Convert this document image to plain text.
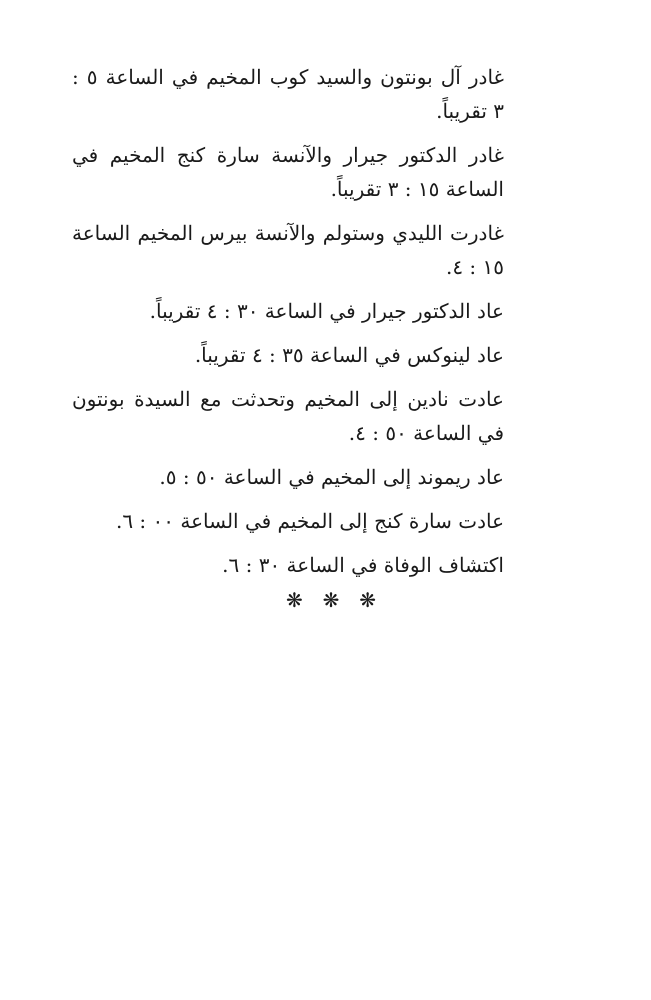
غادر آل بونتون والسيد كوب المخيم في الساعة ٥ : ٣ تقريباً.

غادر الدكتور جيرار والآنسة سارة كنج المخيم في الساعة ١٥ : ٣ تقريباً.

غادرت الليدي وستولم والآنسة بيرس المخيم الساعة ١٥ : ٤.

عاد الدكتور جيرار في الساعة ٣٠ : ٤ تقريباً.

عاد لينوكس في الساعة ٣٥ : ٤ تقريباً.

عادت نادين إلى المخيم وتحدثت مع السيدة بونتون في الساعة ٥٠ : ٤.

عاد ريموند إلى المخيم في الساعة ٥٠ : ٥.

عادت سارة كنج إلى المخيم في الساعة ٠٠ : ٦.

اكتشاف الوفاة في الساعة ٣٠ : ٦.

❋ ❋ ❋
